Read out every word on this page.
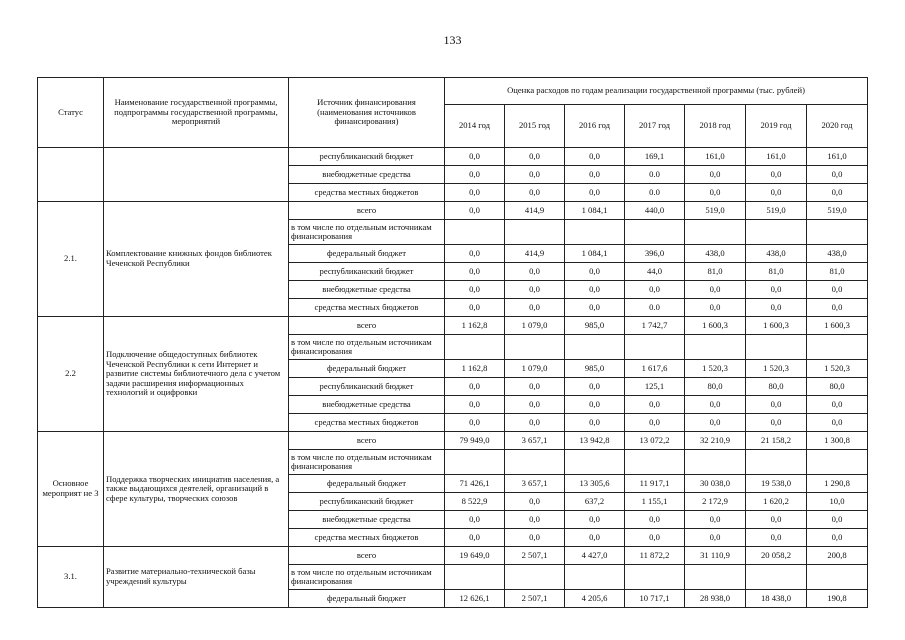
133
Статус	Наименование государственной программы, подпрограммы государственной программы, мероприятий	Источник финансирования (наименования источников финансирования)	Оценка расходов по годам реализации государственной программы (тыс. рублей)						
			2014 год	2015 год	2016 год	2017 год	2018 год	2019 год	2020 год
		республиканский бюджет	0,0	0,0	0,0	169,1	161,0	161,0	161,0
		внебюджетные средства	0,0	0,0	0,0	0.0	0,0	0,0	0,0
		средства местных бюджетов	0,0	0,0	0,0	0.0	0,0	0,0	0,0
2.1.	Комплектование книжных фондов библиотек Чеченской Республики	всего	0,0	414,9	1 084,1	440,0	519,0	519,0	519,0
		в том числе по отдельным источникам финансирования							
		федеральный бюджет	0,0	414,9	1 084,1	396,0	438,0	438,0	438,0
		республиканский бюджет	0,0	0,0	0,0	44,0	81,0	81,0	81,0
		внебюджетные средства	0,0	0,0	0,0	0,0	0,0	0,0	0,0
		средства местных бюджетов	0,0	0,0	0,0	0.0	0,0	0,0	0,0
2.2	Подключение общедоступных библиотек Чеченской Республики к сети Интернет и развитие системы библиотечного дела с учетом задачи расширения информационных технологий и оцифровки	всего	1 162,8	1 079,0	985,0	1 742,7	1 600,3	1 600,3	1 600,3
		в том числе по отдельным источникам финансирования							
		федеральный бюджет	1 162,8	1 079,0	985,0	1 617,6	1 520,3	1 520,3	1 520,3
		республиканский бюджет	0,0	0,0	0,0	125,1	80,0	80,0	80,0
		внебюджетные средства	0,0	0,0	0,0	0,0	0,0	0,0	0,0
		средства местных бюджетов	0,0	0,0	0,0	0,0	0,0	0,0	0,0
Основное мероприят не 3	Поддержка творческих инициатив населения, а также выдающихся деятелей, организаций в сфере культуры, творческих союзов	всего	79 949,0	3 657,1	13 942,8	13 072,2	32 210,9	21 158,2	1 300,8
		в том числе по отдельным источникам финансирования							
		федеральный бюджет	71 426,1	3 657,1	13 305,6	11 917,1	30 038,0	19 538,0	1 290,8
		республиканский бюджет	8 522,9	0,0	637,2	1 155,1	2 172,9	1 620,2	10,0
		внебюджетные средства	0,0	0,0	0,0	0,0	0,0	0,0	0,0
		средства местных бюджетов	0,0	0,0	0,0	0,0	0,0	0,0	0,0
3.1.	Развитие материально-технической базы учреждений культуры	всего	19 649,0	2 507,1	4 427,0	11 872,2	31 110,9	20 058,2	200,8
		в том числе по отдельным источникам финансирования							
		федеральный бюджет	12 626,1	2 507,1	4 205,6	10 717,1	28 938,0	18 438,0	190,8
